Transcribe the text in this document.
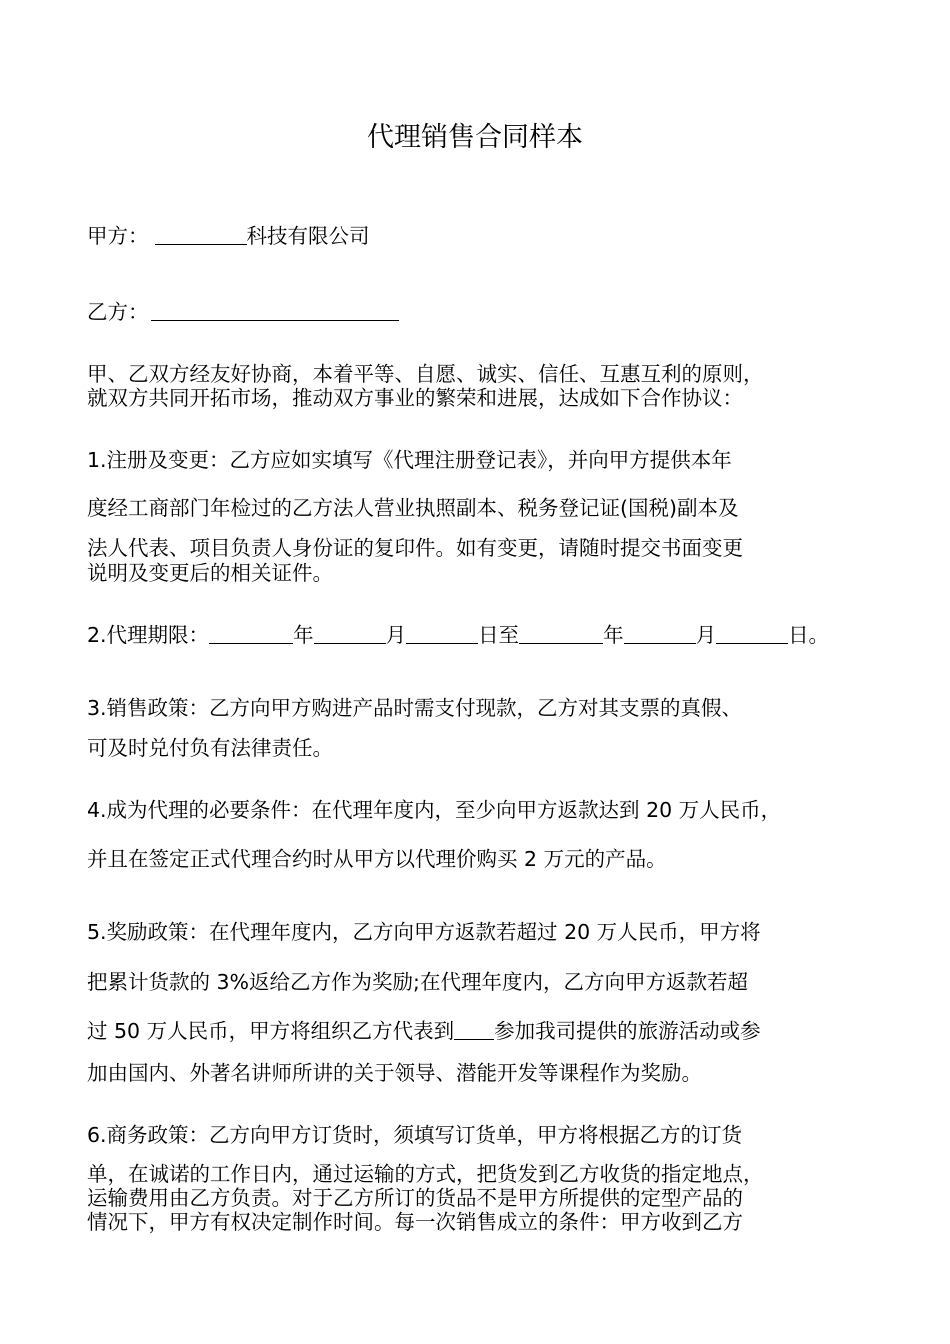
代理销售合同样本
甲方：	科技有限公司
乙方：
甲、乙双方经友好协商，本着平等、自愿、诚实、信任、互惠互利的原则，
就双方共同开拓市场，推动双方事业的繁荣和进展，达成如下合作协议：
1.注册及变更：乙方应如实填写《代理注册登记表》，并向甲方提供本年
度经工商部门年检过的乙方法人营业执照副本、税务登记证(国税)副本及
法人代表、项目负责人身份证的复印件。如有变更，请随时提交书面变更
说明及变更后的相关证件。
2.代理期限：	年	月	日至	年	月	日。
3.销售政策：乙方向甲方购进产品时需支付现款，乙方对其支票的真假、
可及时兑付负有法律责任。
4.成为代理的必要条件：在代理年度内，至少向甲方返款达到 20 万人民币，
并且在签定正式代理合约时从甲方以代理价购买 2 万元的产品。
5.奖励政策：在代理年度内，乙方向甲方返款若超过 20 万人民币，甲方将
把累计货款的 3%返给乙方作为奖励;在代理年度内，乙方向甲方返款若超
过 50 万人民币，甲方将组织乙方代表到 参加我司提供的旅游活动或参
加由国内、外著名讲师所讲的关于领导、潜能开发等课程作为奖励。
6.商务政策：乙方向甲方订货时，须填写订货单，甲方将根据乙方的订货
单，在诚诺的工作日内，通过运输的方式，把货发到乙方收货的指定地点，
运输费用由乙方负责。对于乙方所订的货品不是甲方所提供的定型产品的
情况下，甲方有权决定制作时间。每一次销售成立的条件：甲方收到乙方
